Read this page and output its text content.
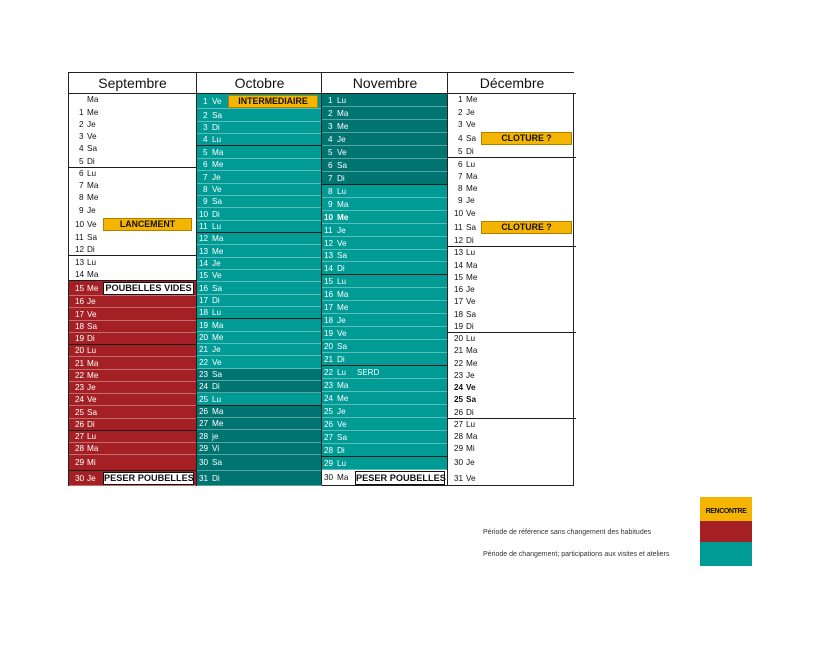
Septembre
Ma
1 Me
2 Je
3 Ve
4 Sa
5 Di
6 Lu
7 Ma
8 Me
9 Je
10 Ve
11 Sa
12 Di
13 Lu
14 Ma
15 Me
16 Je
17 Ve
18 Sa
19 Di
20 Lu
21 Ma
22 Me
23 Je
24 Ve
25 Sa
26 Di
27 Lu
28 Ma
29 Mi
30 Je
Octobre
1 Ve
2 Sa
3 Di
4 Lu
5 Ma
6 Me
7 Je
8 Ve
9 Sa
10 Di
11 Lu
12 Ma
13 Me
14 Je
15 Ve
16 Sa
17 Di
18 Lu
19 Ma
20 Me
21 Je
22 Ve
23 Sa
24 Di
25 Lu
26 Ma
27 Me
28 je
29 Vi
30 Sa
31 Di
Novembre
1 Lu
2 Ma
3 Me
4 Je
5 Ve
6 Sa
7 Di
8 Lu
9 Ma
10 Me
11 Je
12 Ve
13 Sa
14 Di
15 Lu
16 Ma
17 Me
18 Je
19 Ve
20 Sa
21 Di
22 Lu
23 Ma
24 Me
25 Je
26 Ve
27 Sa
28 Di
29 Lu
30 Ma
Décembre
1 Me
2 Je
3 Ve
4 Sa
5 Di
6 Lu
7 Ma
8 Me
9 Je
10 Ve
11 Sa
12 Di
13 Lu
14 Ma
15 Me
16 Je
17 Ve
18 Sa
19 Di
20 Lu
21 Ma
22 Me
23 Je
24 Ve
25 Sa
26 Di
27 Lu
28 Ma
29 Mi
30 Je
31 Ve
LANCEMENT
POUBELLES VIDES
PESER POUBELLES
INTERMEDIAIRE
PESER POUBELLES
CLOTURE ?
CLOTURE ?
SERD
RENCONTRE
Période de référence sans changement des habitudes
Période de changement; participations aux visites et ateliers
